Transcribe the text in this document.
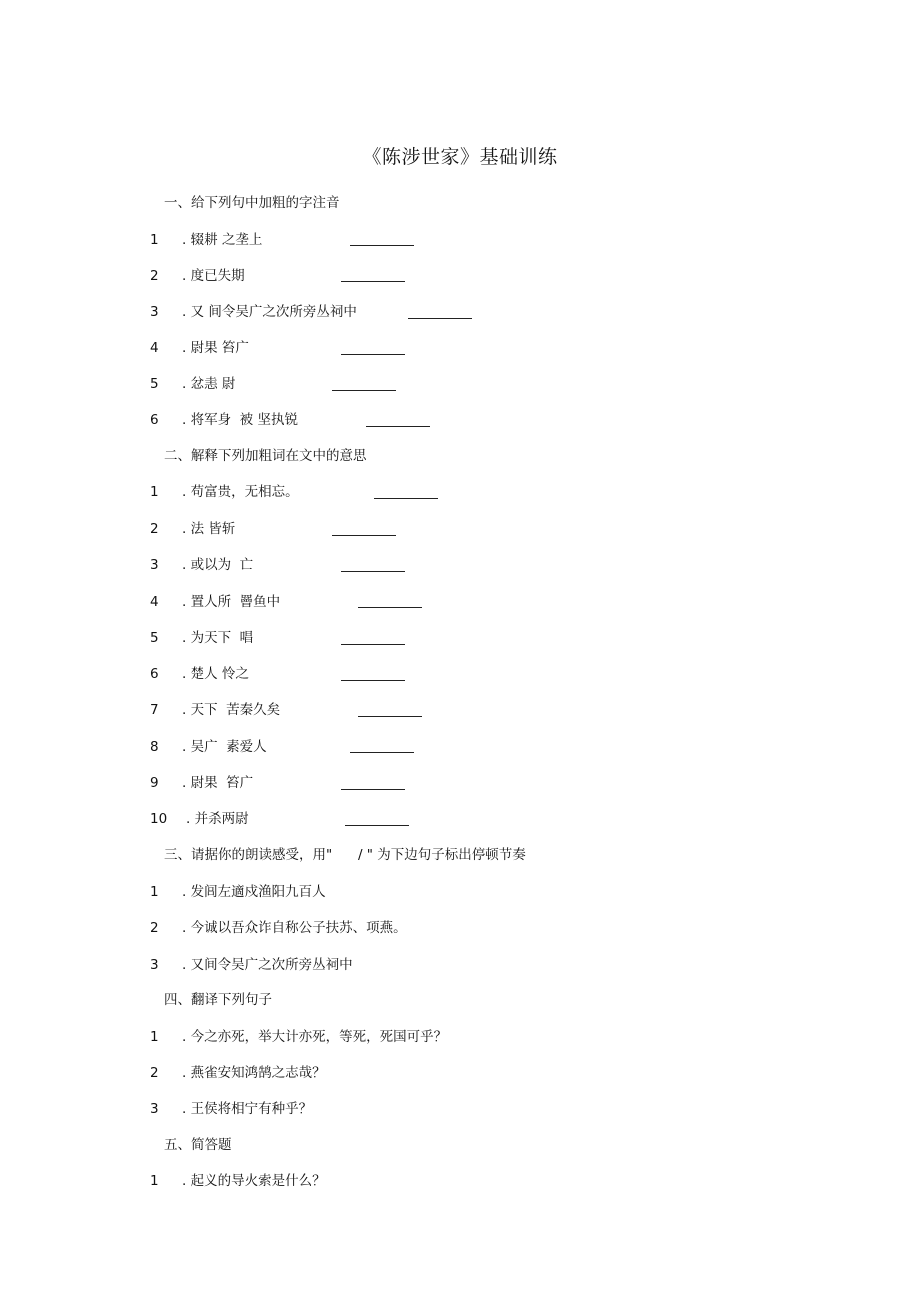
《陈涉世家》基础训练
一、给下列句中加粗的字注音
1 . 辍耕 之垄上
2 . 度已失期
3 . 又 间令吴广之次所旁丛祠中
4 . 尉果 笞广
5 . 忿恚 尉
6 . 将军身  被 坚执锐
二、解释下列加粗词在文中的意思
1 . 苟富贵，无相忘。
2 . 法 皆斩
3 . 或以为  亡
4 . 置人所  罾鱼中
5 . 为天下  唱
6 . 楚人 怜之
7 . 天下  苦秦久矣
8 . 吴广  素爱人
9 . 尉果  笞广
10 . 并杀两尉
三、请据你的朗读感受，用"      / " 为下边句子标出停顿节奏
1 . 发闾左適戍渔阳九百人
2 . 今诚以吾众诈自称公子扶苏、项燕。
3 . 又间令吴广之次所旁丛祠中
四、翻译下列句子
1 . 今之亦死，举大计亦死，等死，死国可乎？
2 . 燕雀安知鸿鹄之志哉？
3 . 王侯将相宁有种乎？
五、简答题
1 . 起义的导火索是什么？
